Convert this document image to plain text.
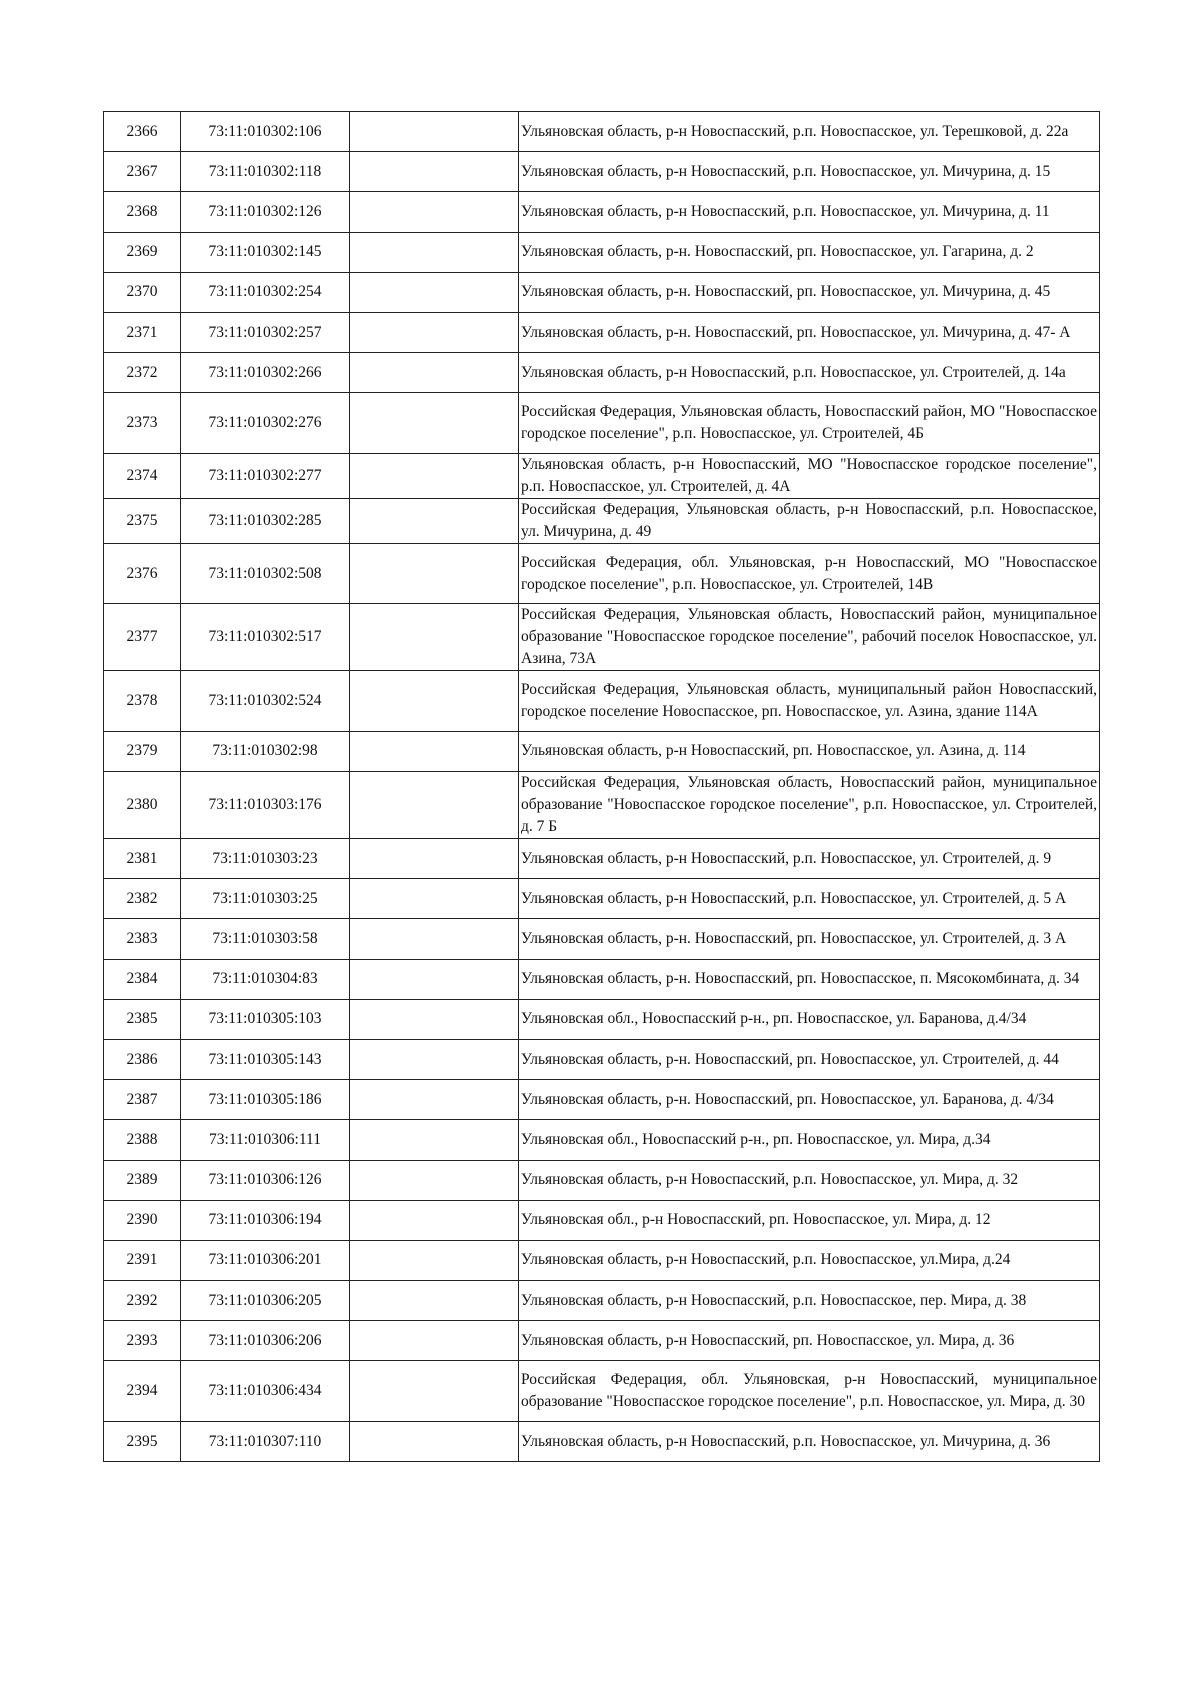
2366	73:11:010302:106		Ульяновская область, р-н Новоспасский, р.п. Новоспасское, ул. Терешковой, д. 22а
2367	73:11:010302:118		Ульяновская область, р-н Новоспасский, р.п. Новоспасское, ул. Мичурина, д. 15
2368	73:11:010302:126		Ульяновская область, р-н Новоспасский, р.п. Новоспасское, ул. Мичурина, д. 11
2369	73:11:010302:145		Ульяновская область, р-н. Новоспасский, рп. Новоспасское, ул. Гагарина, д. 2
2370	73:11:010302:254		Ульяновская область, р-н. Новоспасский, рп. Новоспасское, ул. Мичурина, д. 45
2371	73:11:010302:257		Ульяновская область, р-н. Новоспасский, рп. Новоспасское, ул. Мичурина, д. 47- А
2372	73:11:010302:266		Ульяновская область, р-н Новоспасский, р.п. Новоспасское, ул. Строителей, д. 14а
2373	73:11:010302:276		Российская Федерация, Ульяновская область, Новоспасский район, МО "Новоспасское городское поселение", р.п. Новоспасское, ул. Строителей, 4Б
2374	73:11:010302:277		Ульяновская область, р-н Новоспасский, МО "Новоспасское городское поселение", р.п. Новоспасское, ул. Строителей, д. 4А
2375	73:11:010302:285		Российская Федерация, Ульяновская область, р-н Новоспасский, р.п. Новоспасское, ул. Мичурина, д. 49
2376	73:11:010302:508		Российская Федерация, обл. Ульяновская, р-н Новоспасский, МО "Новоспасское городское поселение", р.п. Новоспасское, ул. Строителей, 14В
2377	73:11:010302:517		Российская Федерация, Ульяновская область, Новоспасский район, муниципальное образование "Новоспасское городское поселение", рабочий поселок Новоспасское, ул. Азина, 73А
2378	73:11:010302:524		Российская Федерация, Ульяновская область, муниципальный район Новоспасский, городское поселение Новоспасское, рп. Новоспасское, ул. Азина, здание 114А
2379	73:11:010302:98		Ульяновская область, р-н Новоспасский, рп. Новоспасское, ул. Азина, д. 114
2380	73:11:010303:176		Российская Федерация, Ульяновская область, Новоспасский район, муниципальное образование "Новоспасское городское поселение", р.п. Новоспасское, ул. Строителей, д. 7 Б
2381	73:11:010303:23		Ульяновская область, р-н Новоспасский, р.п. Новоспасское, ул. Строителей, д. 9
2382	73:11:010303:25		Ульяновская область, р-н Новоспасский, р.п. Новоспасское, ул. Строителей, д. 5 А
2383	73:11:010303:58		Ульяновская область, р-н. Новоспасский, рп. Новоспасское, ул. Строителей, д. 3 А
2384	73:11:010304:83		Ульяновская область, р-н. Новоспасский, рп. Новоспасское, п. Мясокомбината, д. 34
2385	73:11:010305:103		Ульяновская обл., Новоспасский р-н., рп. Новоспасское, ул. Баранова, д.4/34
2386	73:11:010305:143		Ульяновская область, р-н. Новоспасский, рп. Новоспасское, ул. Строителей, д. 44
2387	73:11:010305:186		Ульяновская область, р-н. Новоспасский, рп. Новоспасское, ул. Баранова, д. 4/34
2388	73:11:010306:111		Ульяновская обл., Новоспасский р-н., рп. Новоспасское, ул. Мира, д.34
2389	73:11:010306:126		Ульяновская область, р-н Новоспасский, р.п. Новоспасское, ул. Мира, д. 32
2390	73:11:010306:194		Ульяновская обл., р-н Новоспасский, рп. Новоспасское, ул. Мира, д. 12
2391	73:11:010306:201		Ульяновская область, р-н Новоспасский, р.п. Новоспасское, ул.Мира, д.24
2392	73:11:010306:205		Ульяновская область, р-н Новоспасский, р.п. Новоспасское, пер. Мира, д. 38
2393	73:11:010306:206		Ульяновская область, р-н Новоспасский, рп. Новоспасское, ул. Мира, д. 36
2394	73:11:010306:434		Российская Федерация, обл. Ульяновская, р-н Новоспасский, муниципальное образование "Новоспасское городское поселение", р.п. Новоспасское, ул. Мира, д. 30
2395	73:11:010307:110		Ульяновская область, р-н Новоспасский, р.п. Новоспасское, ул. Мичурина, д. 36
